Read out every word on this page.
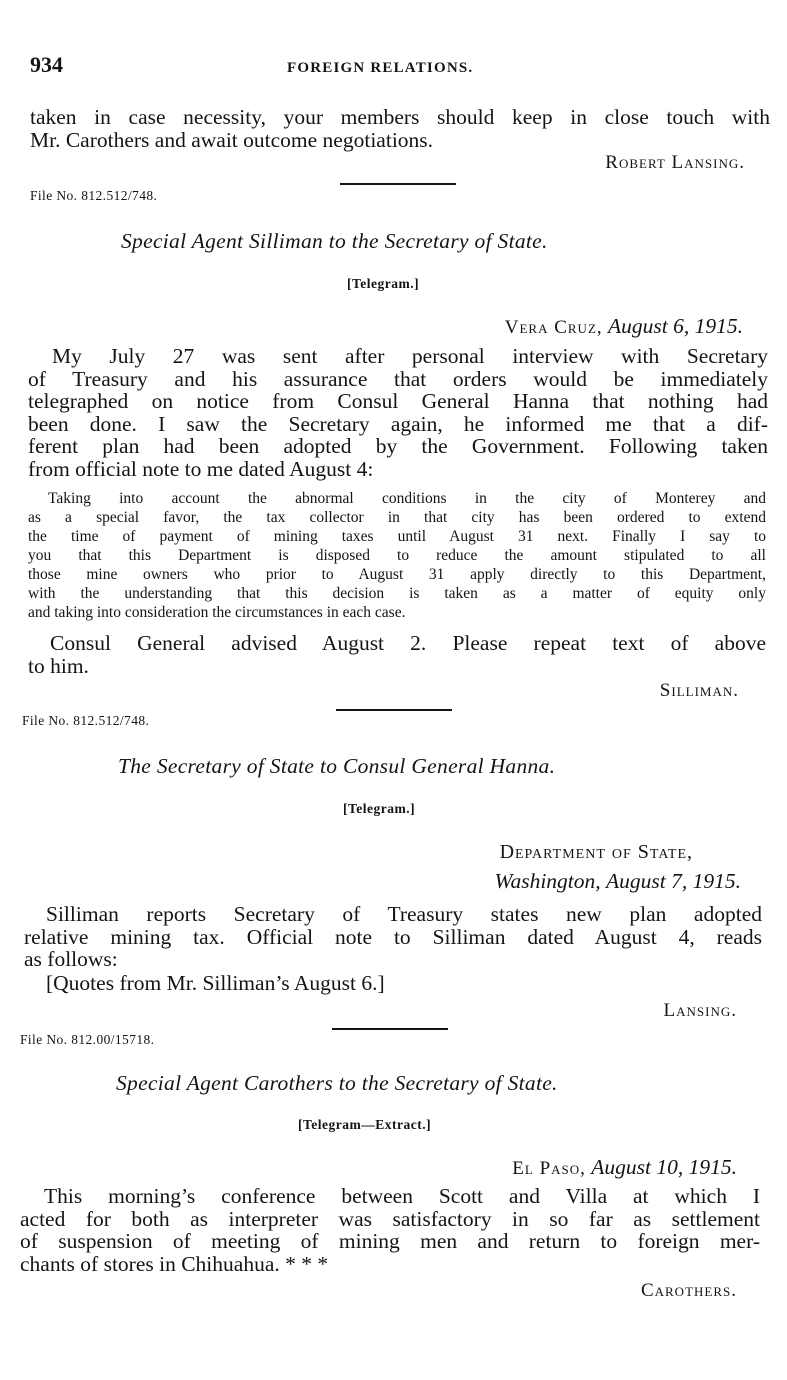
934	FOREIGN RELATIONS.
taken in case necessity, your members should keep in close touch with
Mr. Carothers and await outcome negotiations.
Robert Lansing.
File No. 812.512/748.
Special Agent Silliman to the Secretary of State.
[Telegram.]
Vera Cruz, August 6, 1915.
My July 27 was sent after personal interview with Secretary
of Treasury and his assurance that orders would be immediately
telegraphed on notice from Consul General Hanna that nothing had
been done. I saw the Secretary again, he informed me that a dif-
ferent plan had been adopted by the Government. Following taken
from official note to me dated August 4:
Taking into account the abnormal conditions in the city of Monterey and
as a special favor, the tax collector in that city has been ordered to extend
the time of payment of mining taxes until August 31 next. Finally I say to
you that this Department is disposed to reduce the amount stipulated to all
those mine owners who prior to August 31 apply directly to this Department,
with the understanding that this decision is taken as a matter of equity only
and taking into consideration the circumstances in each case.
Consul General advised August 2. Please repeat text of above
to him.
Silliman.
File No. 812.512/748.
The Secretary of State to Consul General Hanna.
[Telegram.]
Department of State,
Washington, August 7, 1915.
Silliman reports Secretary of Treasury states new plan adopted
relative mining tax. Official note to Silliman dated August 4, reads
as follows:
[Quotes from Mr. Silliman’s August 6.]
Lansing.
File No. 812.00/15718.
Special Agent Carothers to the Secretary of State.
[Telegram—Extract.]
El Paso, August 10, 1915.
This morning’s conference between Scott and Villa at which I
acted for both as interpreter was satisfactory in so far as settlement
of suspension of meeting of mining men and return to foreign mer-
chants of stores in Chihuahua. * * *
Carothers.
